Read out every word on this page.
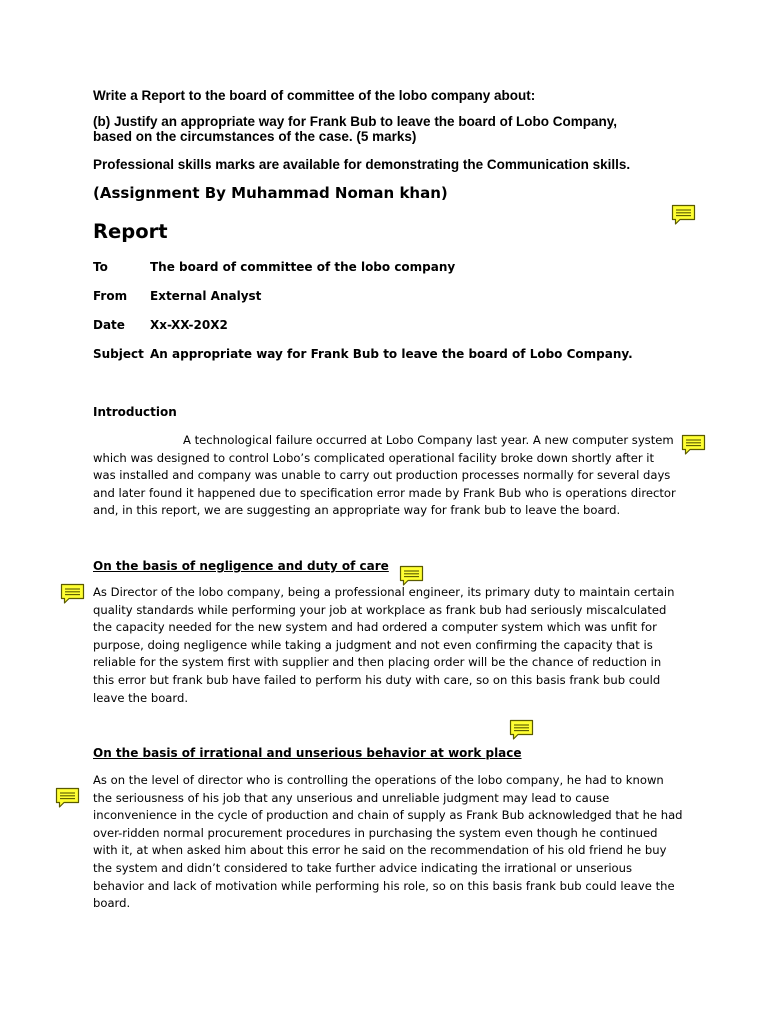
Write a Report to the board of committee of the lobo company about:

(b) Justify an appropriate way for Frank Bub to leave the board of Lobo Company,
based on the circumstances of the case. (5 marks)

Professional skills marks are available for demonstrating the Communication skills.

(Assignment By Muhammad Noman khan)

Report
To	The board of committee of the lobo company
From External Analyst
Date Xx-XX-20X2
Subject An appropriate way for Frank Bub to leave the board of Lobo Company.

Introduction

A technological failure occurred at Lobo Company last year. A new computer system
which was designed to control Lobo’s complicated operational facility broke down shortly after it
was installed and company was unable to carry out production processes normally for several days
and later found it happened due to specification error made by Frank Bub who is operations director
and, in this report, we are suggesting an appropriate way for frank bub to leave the board.

On the basis of negligence and duty of care

As Director of the lobo company, being a professional engineer, its primary duty to maintain certain
quality standards while performing your job at workplace as frank bub had seriously miscalculated
the capacity needed for the new system and had ordered a computer system which was unfit for
purpose, doing negligence while taking a judgment and not even confirming the capacity that is
reliable for the system first with supplier and then placing order will be the chance of reduction in
this error but frank bub have failed to perform his duty with care, so on this basis frank bub could
leave the board.

On the basis of irrational and unserious behavior at work place

As on the level of director who is controlling the operations of the lobo company, he had to known
the seriousness of his job that any unserious and unreliable judgment may lead to cause
inconvenience in the cycle of production and chain of supply as Frank Bub acknowledged that he had
over-ridden normal procurement procedures in purchasing the system even though he continued
with it, at when asked him about this error he said on the recommendation of his old friend he buy
the system and didn’t considered to take further advice indicating the irrational or unserious
behavior and lack of motivation while performing his role, so on this basis frank bub could leave the
board.
